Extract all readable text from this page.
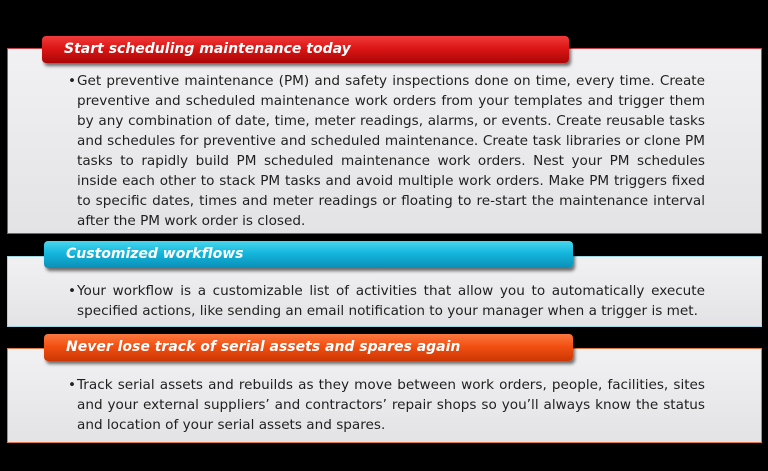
•Get preventive maintenance (PM) and safety inspections done on time, every time. Create preventive and scheduled maintenance work orders from your templates and trigger them by any combination of date, time, meter readings, alarms, or events. Create reusable tasks and schedules for preventive and scheduled maintenance. Create task libraries or clone PM tasks to rapidly build PM scheduled maintenance work orders. Nest your PM schedules inside each other to stack PM tasks and avoid multiple work orders. Make PM triggers fixed to specific dates, times and meter readings or floating to re-start the maintenance interval after the PM work order is closed.
Start scheduling maintenance today
•Your workflow is a customizable list of activities that allow you to automatically execute specified actions, like sending an email notification to your manager when a trigger is met.
Customized workflows
•Track serial assets and rebuilds as they move between work orders, people, facilities, sites and your external suppliers’ and contractors’ repair shops so you’ll always know the status and location of your serial assets and spares.
Never lose track of serial assets and spares again
